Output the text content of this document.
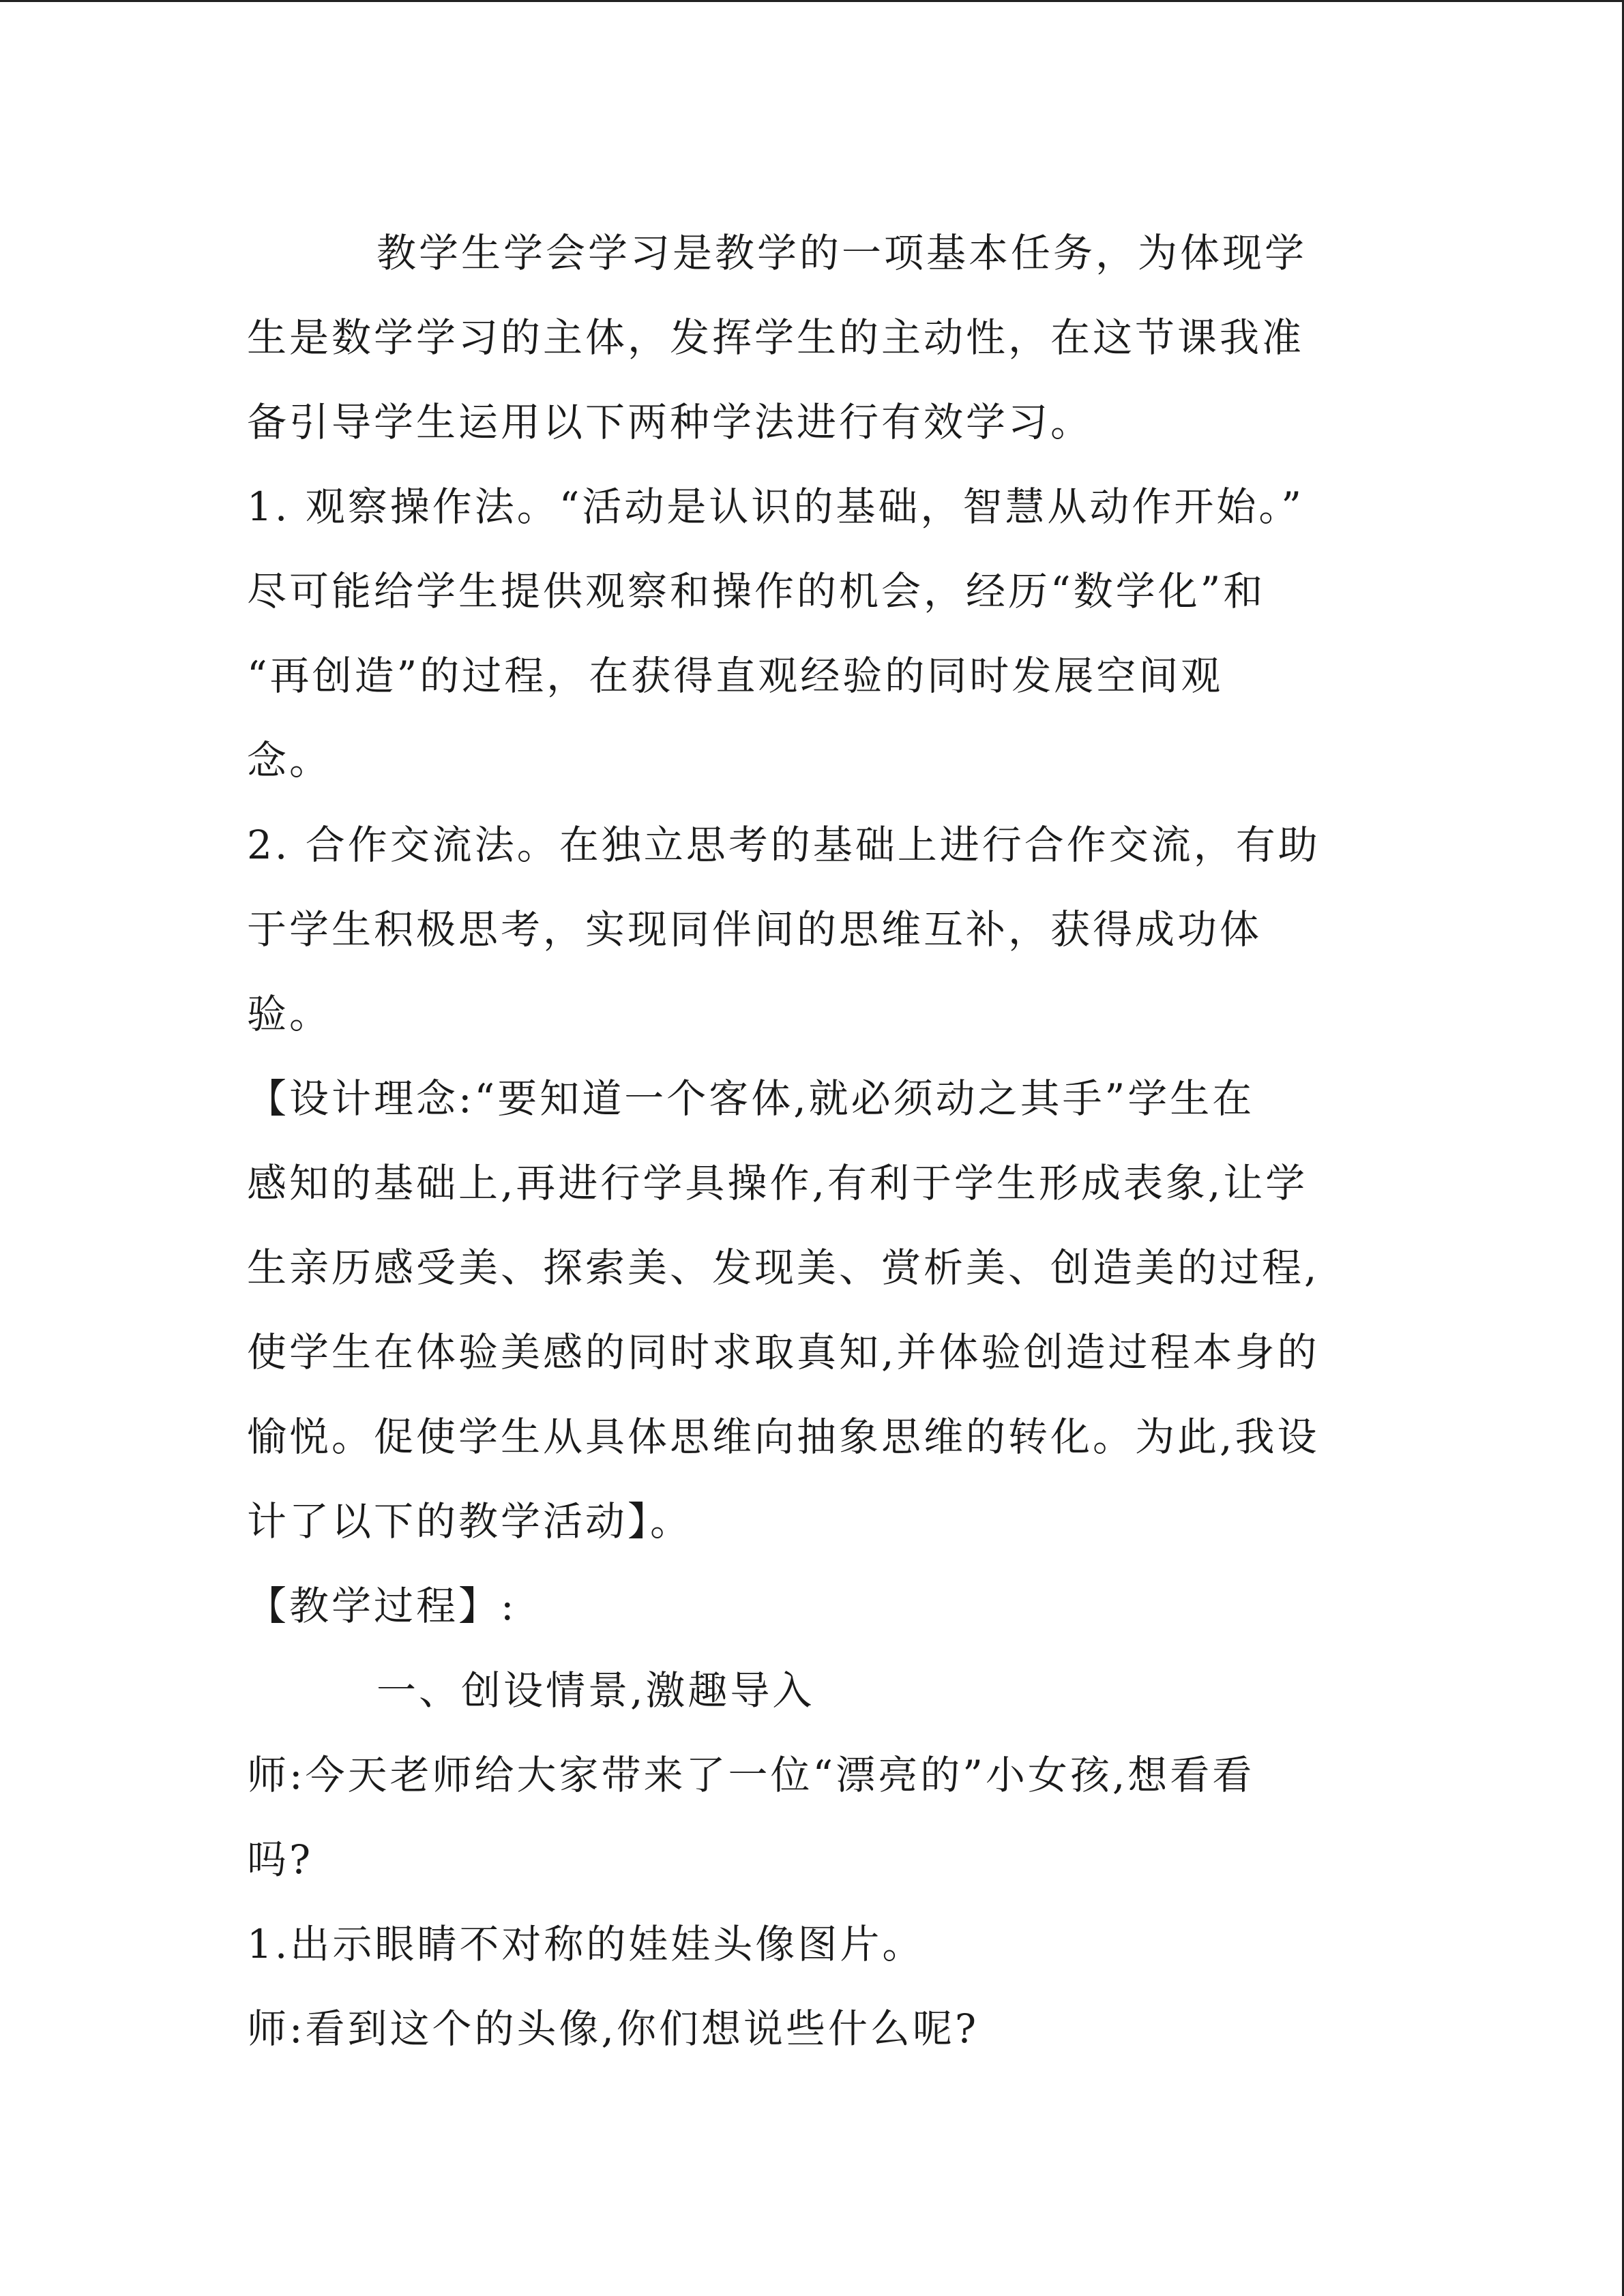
教学生学会学习是教学的一项基本任务，为体现学
生是数学学习的主体，发挥学生的主动性，在这节课我准
备引导学生运用以下两种学法进行有效学习。

1. 观察操作法。“活动是认识的基础，智慧从动作开始。”
尽可能给学生提供观察和操作的机会，经历“数学化”和
“再创造”的过程，在获得直观经验的同时发展空间观
念。

2. 合作交流法。在独立思考的基础上进行合作交流，有助
于学生积极思考，实现同伴间的思维互补，获得成功体
验。

【设计理念:“要知道一个客体,就必须动之其手”学生在
感知的基础上,再进行学具操作,有利于学生形成表象,让学
生亲历感受美、探索美、发现美、赏析美、创造美的过程,
使学生在体验美感的同时求取真知,并体验创造过程本身的
愉悦。促使学生从具体思维向抽象思维的转化。为此,我设
计了以下的教学活动】。

【教学过程】:

一、创设情景,激趣导入

师:今天老师给大家带来了一位“漂亮的”小女孩,想看看
吗?

1.出示眼睛不对称的娃娃头像图片。

师:看到这个的头像,你们想说些什么呢?
